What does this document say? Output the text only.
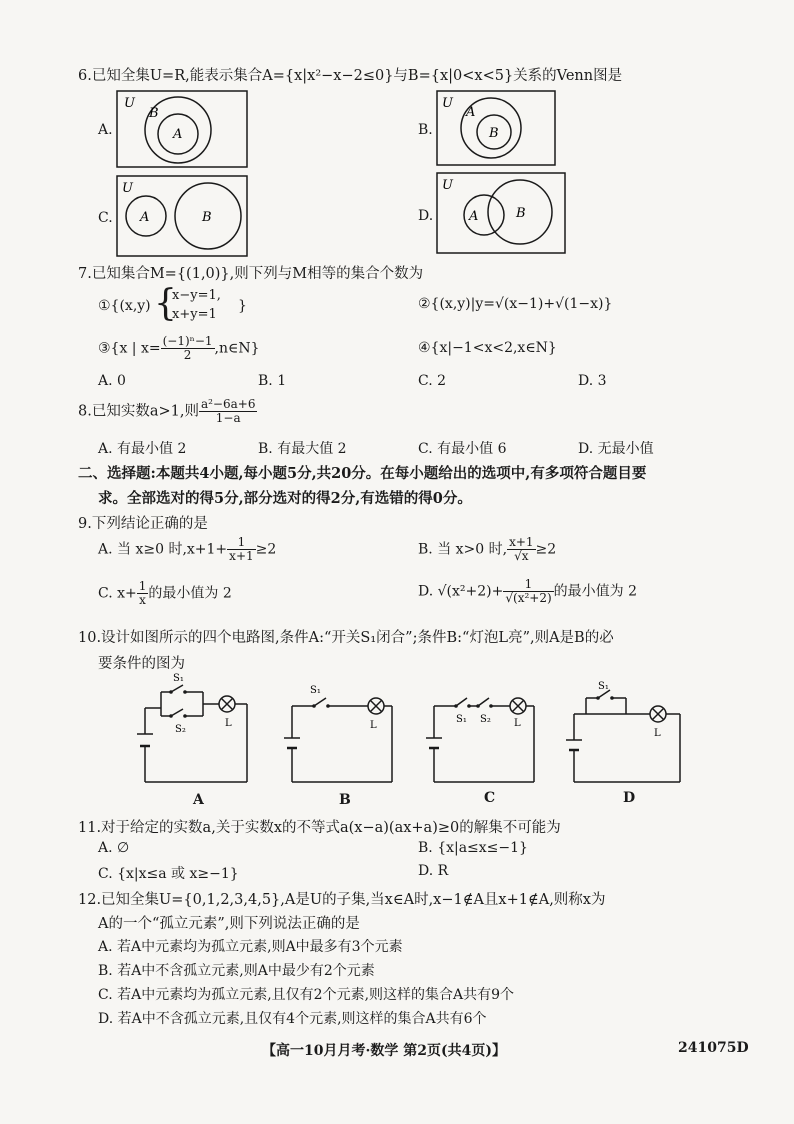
6.已知全集U=R,能表示集合A={x|x²−x−2≤0}与B={x|0<x<5}关系的Venn图是
A.
U
B
A	B.
U
A
B
C.
U
A	B	D.
U
A	B
7.已知集合M={(1,0)},则下列与M相等的集合个数为
①{(x,y) {
x−y=1,
x+y=1
}	②{(x,y)|y=√(x−1)+√(1−x)}
③{x | $x= \frac{\text{(−1)ⁿ−1}}{2}$ ,n∈N}	④{x|−1<x<2,x∈N}
A. 0	B. 1	C. 2	D. 3
8.已知实数a>1,则 $\frac{\text{a²−6a+6}}{1-a}$
A. 有最小值 2	B. 有最大值 2	C. 有最小值 6	D. 无最小值
二、选择题:本题共4小题,每小题5分,共20分。在每小题给出的选项中,有多项符合题目要
求。全部选对的得5分,部分选对的得2分,有选错的得0分。
9.下列结论正确的是
A. 当 x≥0 时$,x+1+ \frac{1}{x+1} \ge 2$	B. 当 x>0 时, $\frac{x+1}{√x} \ge 2$
C. $x+ \frac{1}{x}$ 的最小值为 2	D. $√(x^2+2)+ \frac{1}{\text{√(x²+2)}}$ 的最小值为 2
10.设计如图所示的四个电路图,条件A:“开关S₁闭合”;条件B:“灯泡L亮”,则A是B的必
要条件的图为
S₁
S₂
L
A
S₁
L
B
S₁ S₂ L
C
S₁
L
D
11.对于给定的实数a,关于实数x的不等式a(x−a)(ax+a)≥0的解集不可能为
A. ∅	B. {x|a≤x≤−1}
C. {x|x≤a 或 x≥−1}	D. R
12.已知全集U={0,1,2,3,4,5},A是U的子集,当x∈A时,x−1∉A且x+1∉A,则称x为
A的一个“孤立元素”,则下列说法正确的是
A. 若A中元素均为孤立元素,则A中最多有3个元素
B. 若A中不含孤立元素,则A中最少有2个元素
C. 若A中元素均为孤立元素,且仅有2个元素,则这样的集合A共有9个
D. 若A中不含孤立元素,且仅有4个元素,则这样的集合A共有6个
【高一10月月考·数学 第2页(共4页)】	241075D
